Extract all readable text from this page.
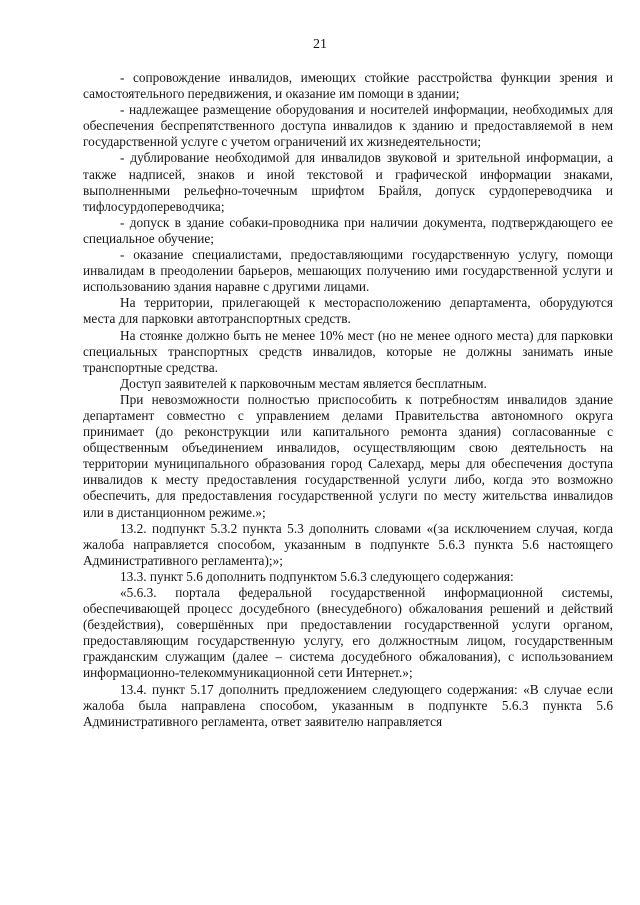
21

- сопровождение инвалидов, имеющих стойкие расстройства функции зрения и самостоятельного передвижения, и оказание им помощи в здании;

- надлежащее размещение оборудования и носителей информации, необходимых для обеспечения беспрепятственного доступа инвалидов к зданию и предоставляемой в нем государственной услуге с учетом ограничений их жизнедеятельности;

- дублирование необходимой для инвалидов звуковой и зрительной информации, а также надписей, знаков и иной текстовой и графической информации знаками, выполненными рельефно-точечным шрифтом Брайля, допуск сурдопереводчика и тифлосурдопереводчика;

- допуск в здание собаки-проводника при наличии документа, подтверждающего ее специальное обучение;

- оказание специалистами, предоставляющими государственную услугу, помощи инвалидам в преодолении барьеров, мешающих получению ими государственной услуги и использованию здания наравне с другими лицами.

На территории, прилегающей к месторасположению департамента, оборудуются места для парковки автотранспортных средств.

На стоянке должно быть не менее 10% мест (но не менее одного места) для парковки специальных транспортных средств инвалидов, которые не должны занимать иные транспортные средства.

Доступ заявителей к парковочным местам является бесплатным.

При невозможности полностью приспособить к потребностям инвалидов здание департамент совместно с управлением делами Правительства автономного округа принимает (до реконструкции или капитального ремонта здания) согласованные с общественным объединением инвалидов, осуществляющим свою деятельность на территории муниципального образования город Салехард, меры для обеспечения доступа инвалидов к месту предоставления государственной услуги либо, когда это возможно обеспечить, для предоставления государственной услуги по месту жительства инвалидов или в дистанционном режиме.»;

13.2. подпункт 5.3.2 пункта 5.3 дополнить словами «(за исключением случая, когда жалоба направляется способом, указанным в подпункте 5.6.3 пункта 5.6 настоящего Административного регламента);»;

13.3. пункт 5.6 дополнить подпунктом 5.6.3 следующего содержания:

«5.6.3. портала федеральной государственной информационной системы, обеспечивающей процесс досудебного (внесудебного) обжалования решений и действий (бездействия), совершённых при предоставлении государственной услуги органом, предоставляющим государственную услугу, его должностным лицом, государственным гражданским служащим (далее – система досудебного обжалования), с использованием информационно-телекоммуникационной сети Интернет.»;

13.4. пункт 5.17 дополнить предложением следующего содержания: «В случае если жалоба была направлена способом, указанным в подпункте 5.6.3 пункта 5.6 Административного регламента, ответ заявителю направляется
